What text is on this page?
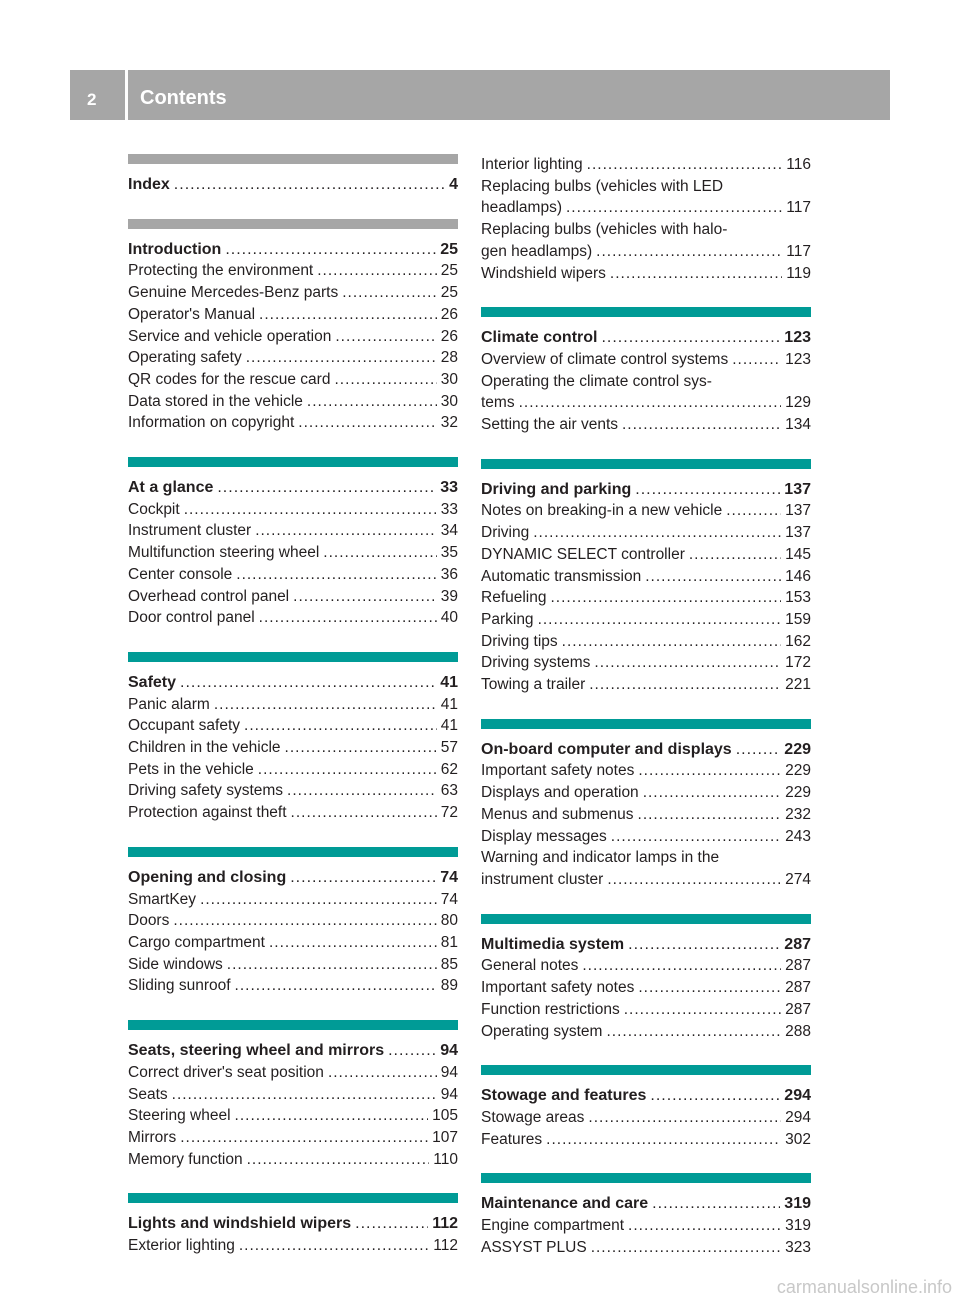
2 Contents
Index .....	4
Introduction .....	25
Protecting the environment .....	25
Genuine Mercedes-Benz parts .....	25
Operator's Manual .....	26
Service and vehicle operation .....	26
Operating safety .....	28
QR codes for the rescue card .....	30
Data stored in the vehicle .....	30
Information on copyright .....	32
At a glance .....	33
Cockpit .....	33
Instrument cluster .....	34
Multifunction steering wheel .....	35
Center console .....	36
Overhead control panel .....	39
Door control panel .....	40
Safety .....	41
Panic alarm .....	41
Occupant safety .....	41
Children in the vehicle .....	57
Pets in the vehicle .....	62
Driving safety systems .....	63
Protection against theft .....	72
Opening and closing .....	74
SmartKey .....	74
Doors .....	80
Cargo compartment .....	81
Side windows .....	85
Sliding sunroof .....	89
Seats, steering wheel and mirrors .....	94
Correct driver's seat position .....	94
Seats .....	94
Steering wheel .....	105
Mirrors .....	107
Memory function .....	110
Lights and windshield wipers .....	112
Exterior lighting .....	112
Interior lighting .....	116
Replacing bulbs (vehicles with LED
headlamps) .....	117
Replacing bulbs (vehicles with halo-
gen headlamps) .....	117
Windshield wipers .....	119
Climate control .....	123
Overview of climate control systems .....	123
Operating the climate control sys-
tems .....	129
Setting the air vents .....	134
Driving and parking .....	137
Notes on breaking-in a new vehicle .....	137
Driving .....	137
DYNAMIC SELECT controller .....	145
Automatic transmission .....	146
Refueling .....	153
Parking .....	159
Driving tips .....	162
Driving systems .....	172
Towing a trailer .....	221
On-board computer and displays .....	229
Important safety notes .....	229
Displays and operation .....	229
Menus and submenus .....	232
Display messages .....	243
Warning and indicator lamps in the
instrument cluster .....	274
Multimedia system .....	287
General notes .....	287
Important safety notes .....	287
Function restrictions .....	287
Operating system .....	288
Stowage and features .....	294
Stowage areas .....	294
Features .....	302
Maintenance and care .....	319
Engine compartment .....	319
ASSYST PLUS .....	323
carmanualsonline.info
